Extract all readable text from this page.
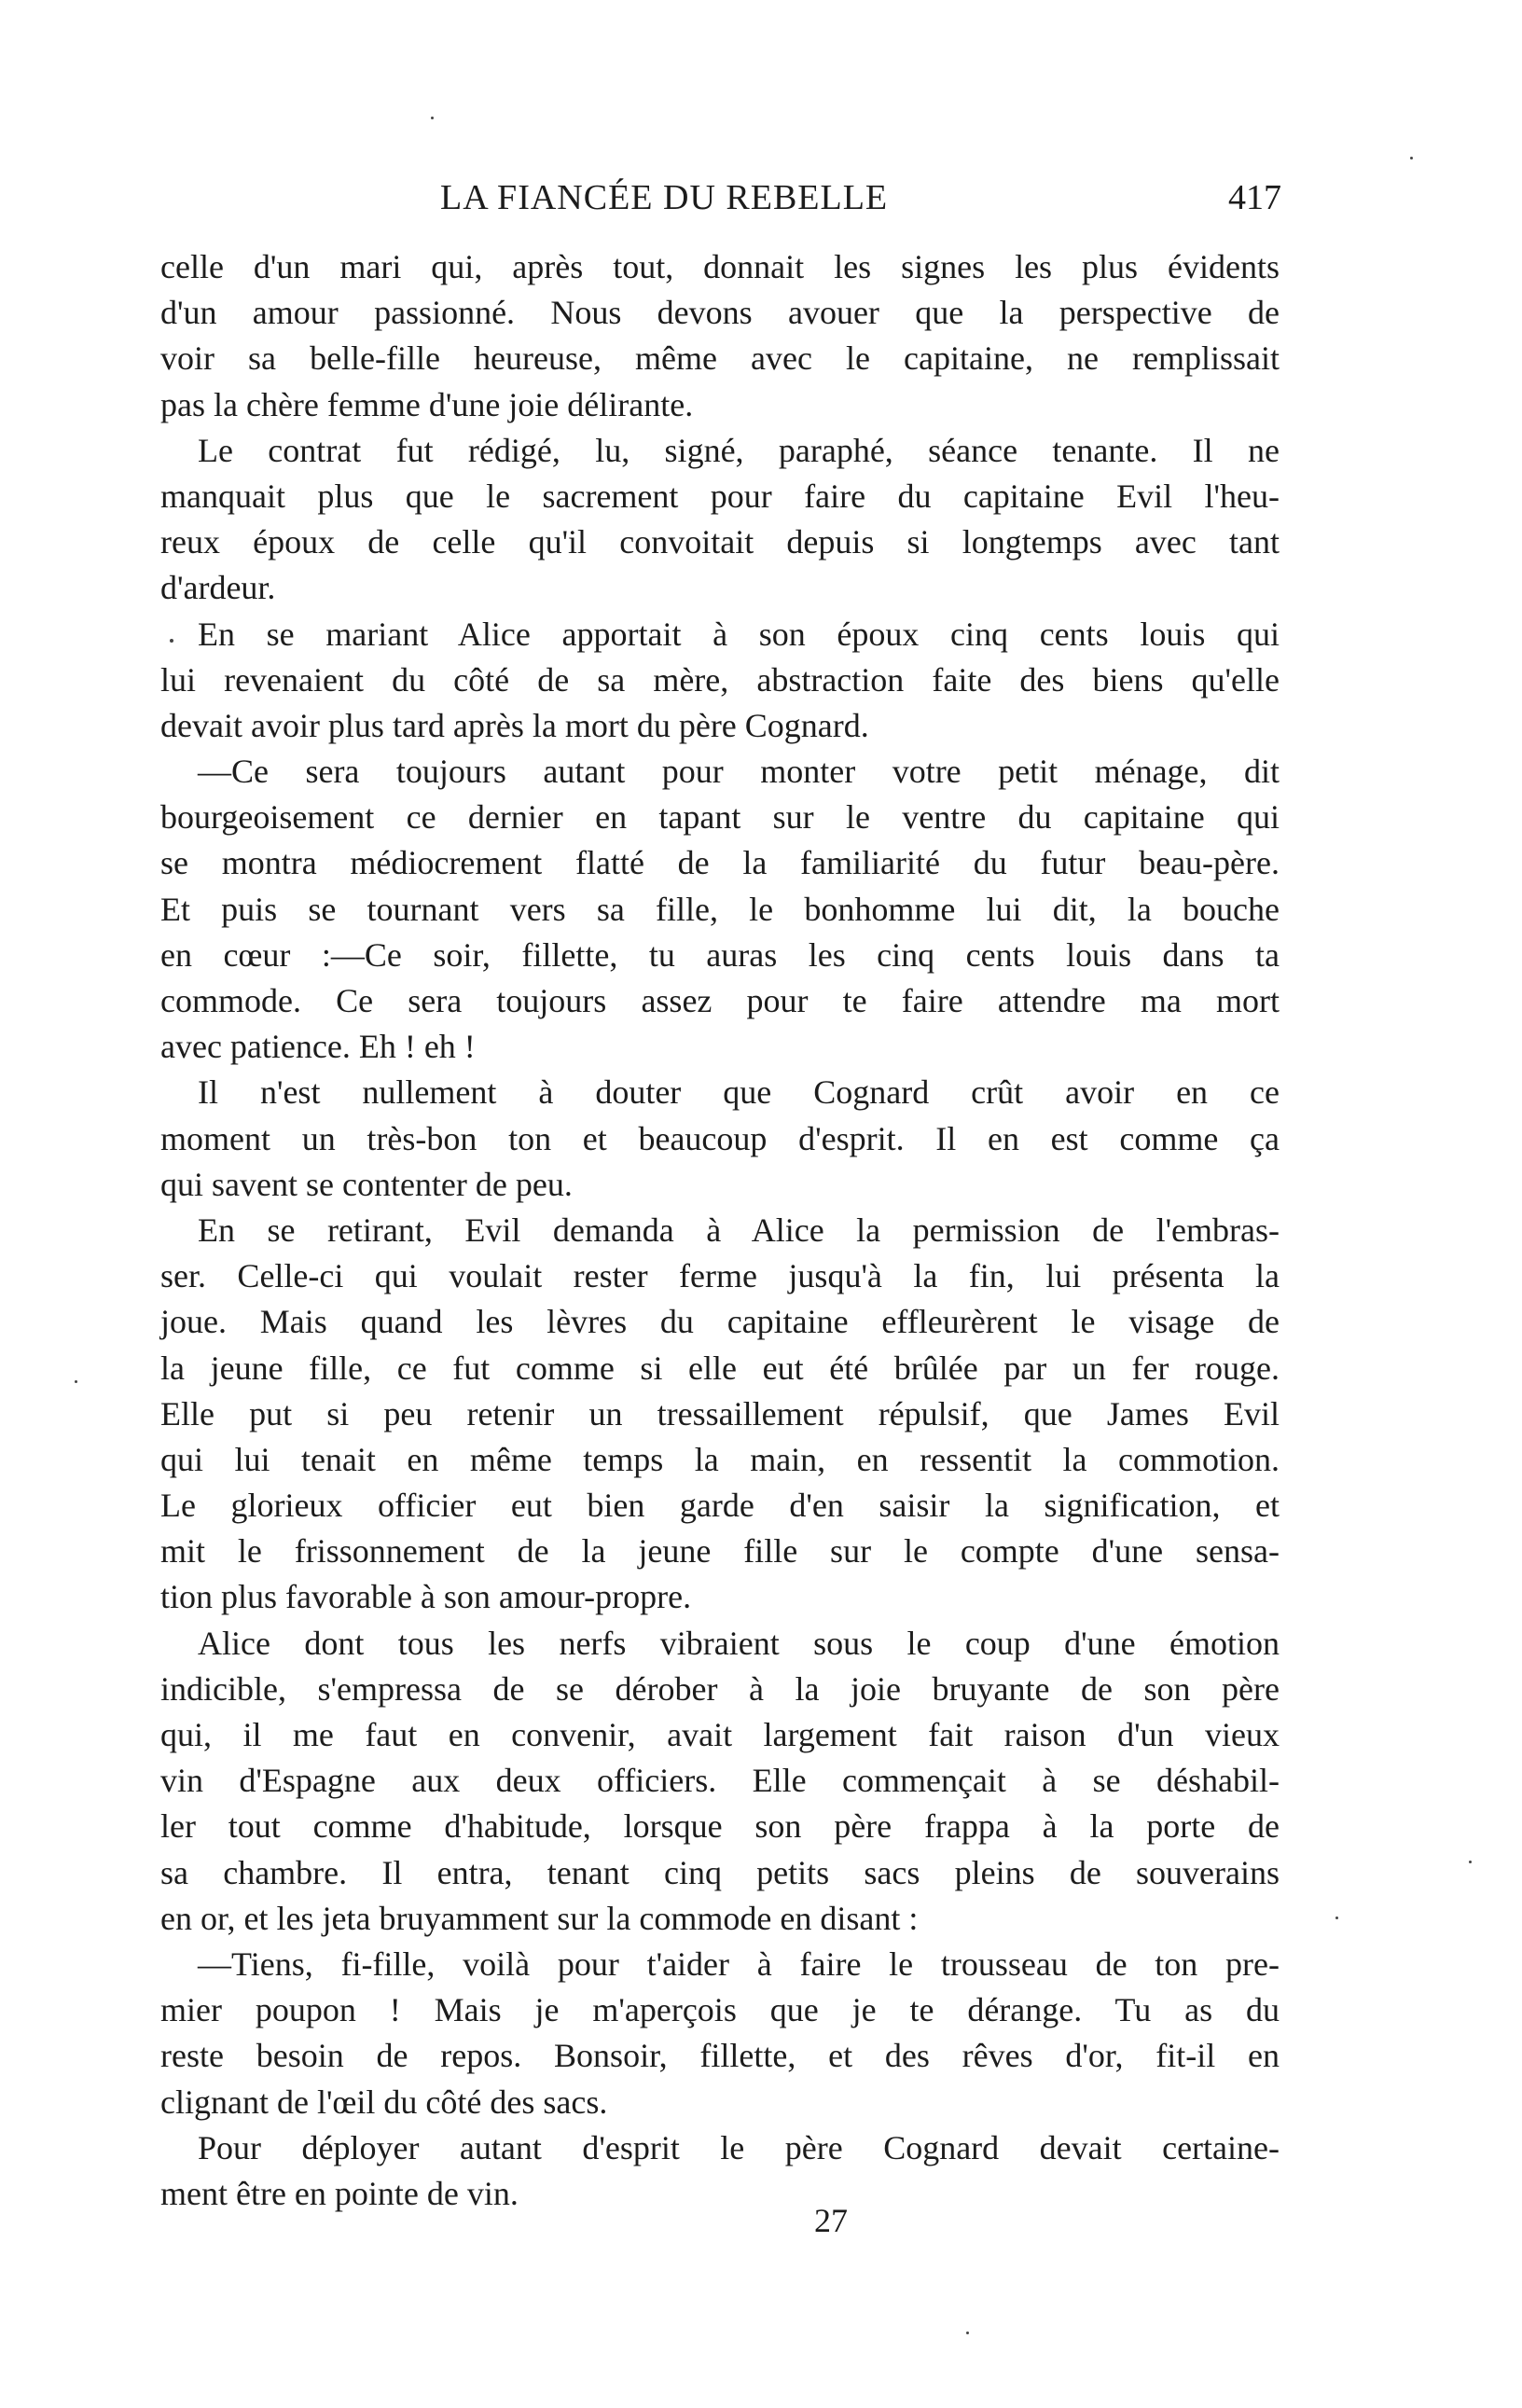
LA FIANCÉE DU REBELLE	417
celle d'un mari qui, après tout, donnait les signes les plus évidents
d'un amour passionné. Nous devons avouer que la perspective de
voir sa belle-fille heureuse, même avec le capitaine, ne remplissait
pas la chère femme d'une joie délirante.
Le contrat fut rédigé, lu, signé, paraphé, séance tenante. Il ne
manquait plus que le sacrement pour faire du capitaine Evil l'heu-
reux époux de celle qu'il convoitait depuis si longtemps avec tant
d'ardeur.
En se mariant Alice apportait à son époux cinq cents louis qui
lui revenaient du côté de sa mère, abstraction faite des biens qu'elle
devait avoir plus tard après la mort du père Cognard.
—Ce sera toujours autant pour monter votre petit ménage, dit
bourgeoisement ce dernier en tapant sur le ventre du capitaine qui
se montra médiocrement flatté de la familiarité du futur beau-père.
Et puis se tournant vers sa fille, le bonhomme lui dit, la bouche
en cœur :—Ce soir, fillette, tu auras les cinq cents louis dans ta
commode. Ce sera toujours assez pour te faire attendre ma mort
avec patience. Eh ! eh !
Il n'est nullement à douter que Cognard crût avoir en ce
moment un très-bon ton et beaucoup d'esprit. Il en est comme ça
qui savent se contenter de peu.
En se retirant, Evil demanda à Alice la permission de l'embras-
ser. Celle-ci qui voulait rester ferme jusqu'à la fin, lui présenta la
joue. Mais quand les lèvres du capitaine effleurèrent le visage de
la jeune fille, ce fut comme si elle eut été brûlée par un fer rouge.
Elle put si peu retenir un tressaillement répulsif, que James Evil
qui lui tenait en même temps la main, en ressentit la commotion.
Le glorieux officier eut bien garde d'en saisir la signification, et
mit le frissonnement de la jeune fille sur le compte d'une sensa-
tion plus favorable à son amour-propre.
Alice dont tous les nerfs vibraient sous le coup d'une émotion
indicible, s'empressa de se dérober à la joie bruyante de son père
qui, il me faut en convenir, avait largement fait raison d'un vieux
vin d'Espagne aux deux officiers. Elle commençait à se déshabil-
ler tout comme d'habitude, lorsque son père frappa à la porte de
sa chambre. Il entra, tenant cinq petits sacs pleins de souverains
en or, et les jeta bruyamment sur la commode en disant :
—Tiens, fi-fille, voilà pour t'aider à faire le trousseau de ton pre-
mier poupon ! Mais je m'aperçois que je te dérange. Tu as du
reste besoin de repos. Bonsoir, fillette, et des rêves d'or, fit-il en
clignant de l'œil du côté des sacs.
Pour déployer autant d'esprit le père Cognard devait certaine-
ment être en pointe de vin.
27
